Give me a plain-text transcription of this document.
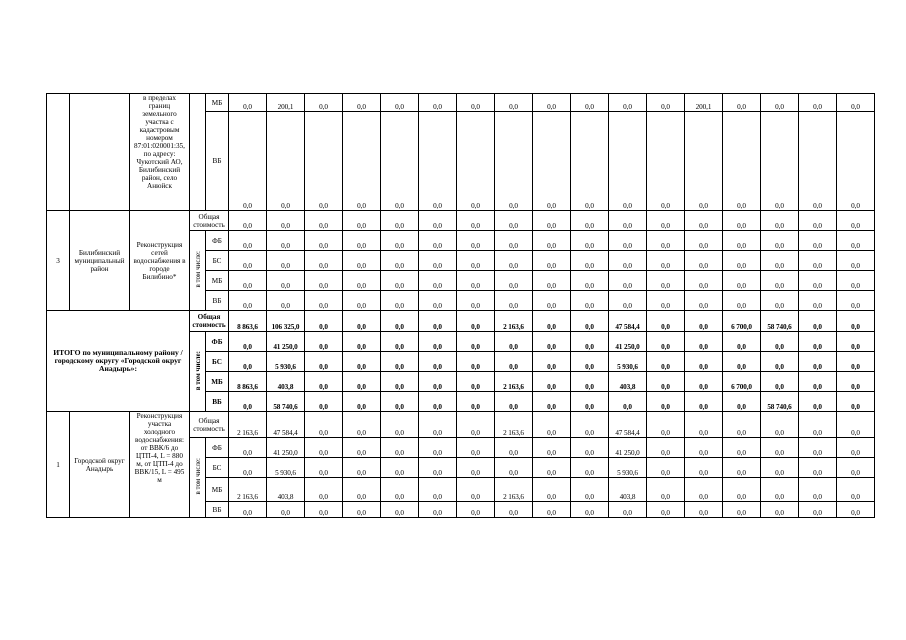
		в пределах границ земельного участка с кадастровым номером 87:01:020001:35, по адресу: Чукотский АО, Билибинский район, село Анюйск		МБ	0,0	200,1	0,0	0,0	0,0	0,0	0,0	0,0	0,0	0,0	0,0	0,0	200,1	0,0	0,0	0,0	0,0
				ВБ	0,0	0,0	0,0	0,0	0,0	0,0	0,0	0,0	0,0	0,0	0,0	0,0	0,0	0,0	0,0	0,0	0,0
3	Билибинский муниципальный район	Реконструкция сетей водоснабжения в городе Билибино*	Общая стоимость		0,0	0,0	0,0	0,0	0,0	0,0	0,0	0,0	0,0	0,0	0,0	0,0	0,0	0,0	0,0	0,0	0,0
			в том числе:	ФБ	0,0	0,0	0,0	0,0	0,0	0,0	0,0	0,0	0,0	0,0	0,0	0,0	0,0	0,0	0,0	0,0	0,0
				БС	0,0	0,0	0,0	0,0	0,0	0,0	0,0	0,0	0,0	0,0	0,0	0,0	0,0	0,0	0,0	0,0	0,0
				МБ	0,0	0,0	0,0	0,0	0,0	0,0	0,0	0,0	0,0	0,0	0,0	0,0	0,0	0,0	0,0	0,0	0,0
				ВБ	0,0	0,0	0,0	0,0	0,0	0,0	0,0	0,0	0,0	0,0	0,0	0,0	0,0	0,0	0,0	0,0	0,0
ИТОГО по муниципальному району / городскому округу «Городской округ Анадырь»:			Общая стоимость		8 863,6	106 325,0	0,0	0,0	0,0	0,0	0,0	2 163,6	0,0	0,0	47 584,4	0,0	0,0	6 700,0	58 740,6	0,0	0,0
			в том числе:	ФБ	0,0	41 250,0	0,0	0,0	0,0	0,0	0,0	0,0	0,0	0,0	41 250,0	0,0	0,0	0,0	0,0	0,0	0,0
				БС	0,0	5 930,6	0,0	0,0	0,0	0,0	0,0	0,0	0,0	0,0	5 930,6	0,0	0,0	0,0	0,0	0,0	0,0
				МБ	8 863,6	403,8	0,0	0,0	0,0	0,0	0,0	2 163,6	0,0	0,0	403,8	0,0	0,0	6 700,0	0,0	0,0	0,0
				ВБ	0,0	58 740,6	0,0	0,0	0,0	0,0	0,0	0,0	0,0	0,0	0,0	0,0	0,0	0,0	58 740,6	0,0	0,0
1	Городской округ Анадырь	Реконструкция участка холодного водоснабжения: от ВВК/6 до ЦТП-4, L = 880 м, от ЦТП-4 до ВВК/15, L = 495 м	Общая стоимость		2 163,6	47 584,4	0,0	0,0	0,0	0,0	0,0	2 163,6	0,0	0,0	47 584,4	0,0	0,0	0,0	0,0	0,0	0,0
			в том числе:	ФБ	0,0	41 250,0	0,0	0,0	0,0	0,0	0,0	0,0	0,0	0,0	41 250,0	0,0	0,0	0,0	0,0	0,0	0,0
				БС	0,0	5 930,6	0,0	0,0	0,0	0,0	0,0	0,0	0,0	0,0	5 930,6	0,0	0,0	0,0	0,0	0,0	0,0
				МБ	2 163,6	403,8	0,0	0,0	0,0	0,0	0,0	2 163,6	0,0	0,0	403,8	0,0	0,0	0,0	0,0	0,0	0,0
				ВБ	0,0	0,0	0,0	0,0	0,0	0,0	0,0	0,0	0,0	0,0	0,0	0,0	0,0	0,0	0,0	0,0	0,0
